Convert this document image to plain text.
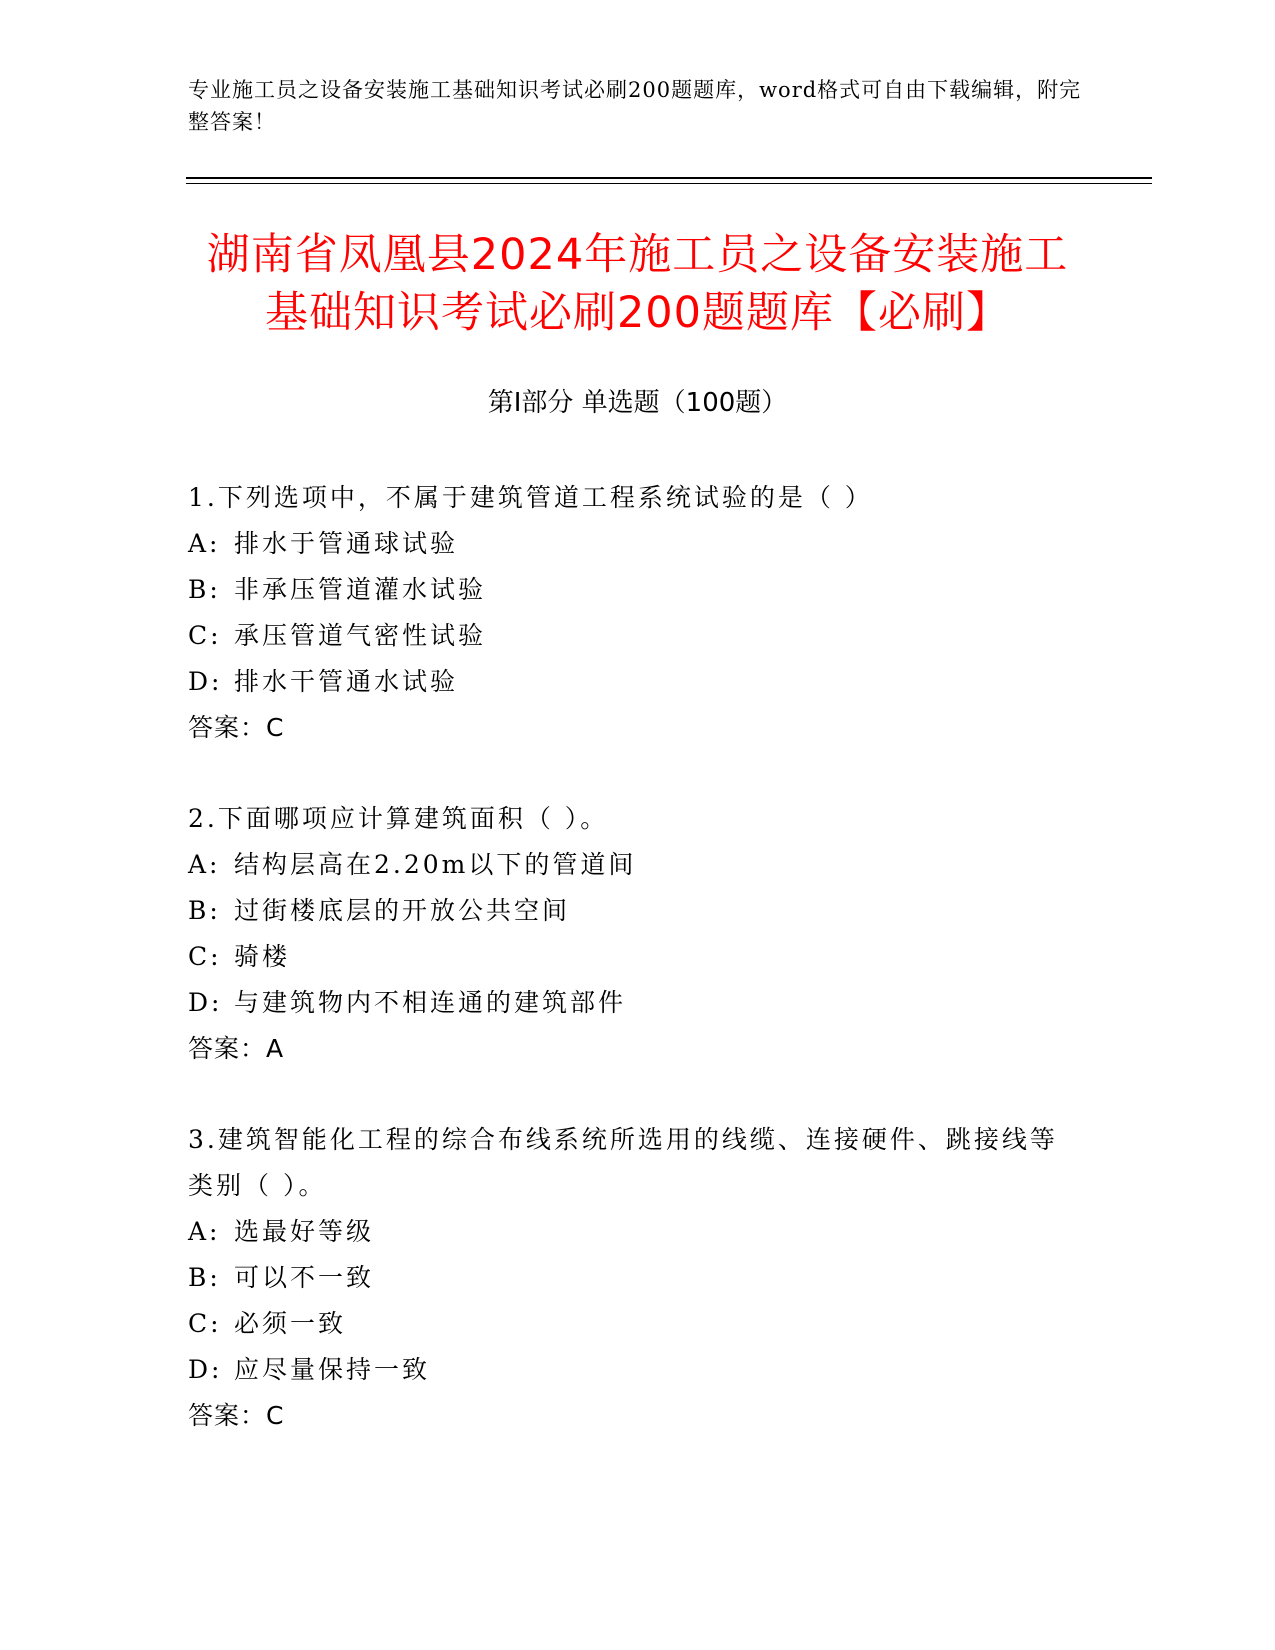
专业施工员之设备安装施工基础知识考试必刷200题题库，word格式可自由下载编辑，附完整答案！
湖南省凤凰县2024年施工员之设备安装施工
基础知识考试必刷200题题库【必刷】
第Ⅰ部分 单选题（100题）
1.下列选项中，不属于建筑管道工程系统试验的是（ ）
A: 排水于管通球试验
B: 非承压管道灌水试验
C: 承压管道气密性试验
D: 排水干管通水试验
答案：C
2.下面哪项应计算建筑面积（ ）。
A: 结构层高在2.20m以下的管道间
B: 过街楼底层的开放公共空间
C: 骑楼
D: 与建筑物内不相连通的建筑部件
答案：A
3.建筑智能化工程的综合布线系统所选用的线缆、连接硬件、跳接线等类别（ ）。
A: 选最好等级
B: 可以不一致
C: 必须一致
D: 应尽量保持一致
答案：C
